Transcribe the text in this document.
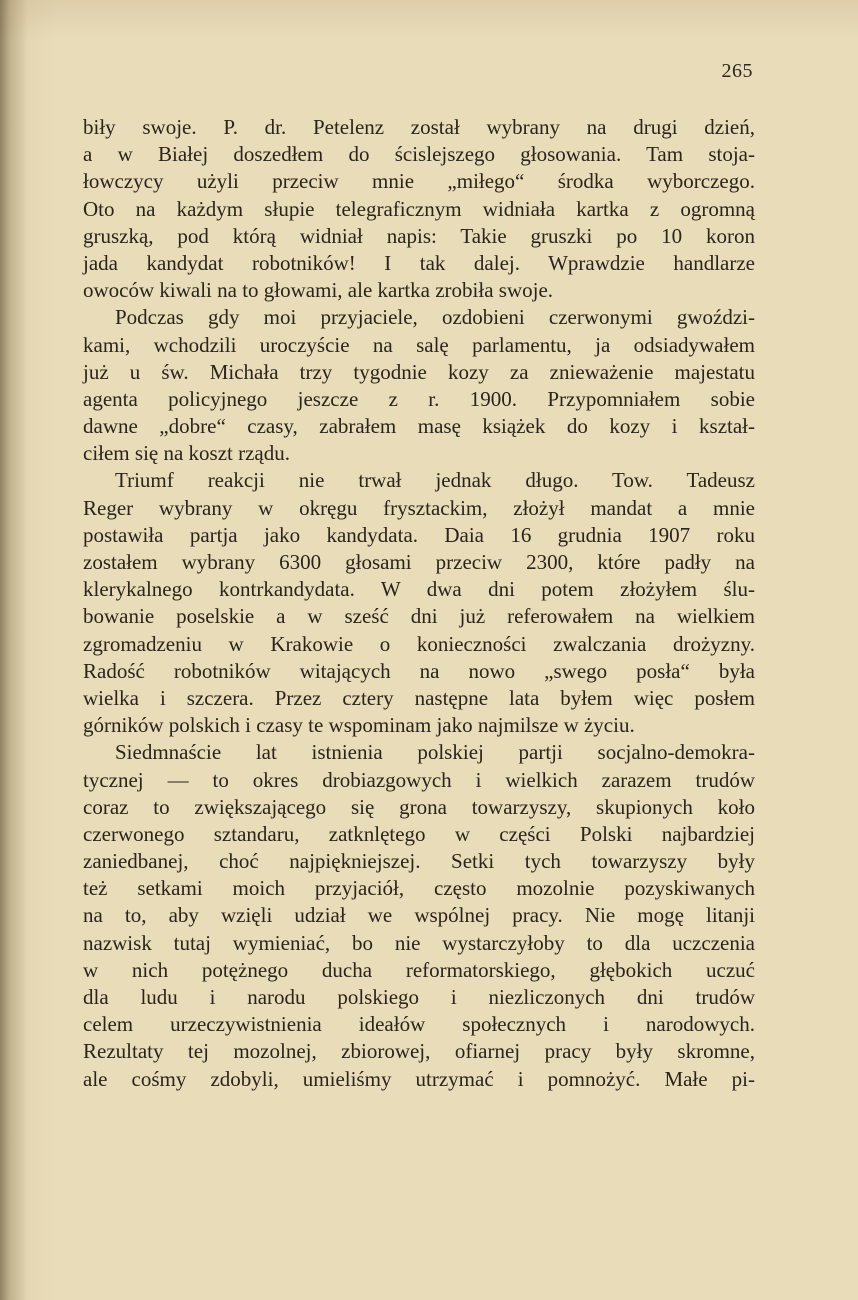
265
biły swoje. P. dr. Petelenz został wybrany na drugi dzień,
a w Białej doszedłem do ścislejszego głosowania. Tam stoja-
łowczycy użyli przeciw mnie „miłego“ środka wyborczego.
Oto na każdym słupie telegraficznym widniała kartka z ogromną
gruszką, pod którą widniał napis: Takie gruszki po 10 koron
jada kandydat robotników! I tak dalej. Wprawdzie handlarze
owoców kiwali na to głowami, ale kartka zrobiła swoje.
Podczas gdy moi przyjaciele, ozdobieni czerwonymi gwoździ-
kami, wchodzili uroczyście na salę parlamentu, ja odsiadywałem
już u św. Michała trzy tygodnie kozy za znieważenie majestatu
agenta policyjnego jeszcze z r. 1900. Przypomniałem sobie
dawne „dobre“ czasy, zabrałem masę książek do kozy i kształ-
ciłem się na koszt rządu.
Triumf reakcji nie trwał jednak długo. Tow. Tadeusz
Reger wybrany w okręgu frysztackim, złożył mandat a mnie
postawiła partja jako kandydata. Daia 16 grudnia 1907 roku
zostałem wybrany 6300 głosami przeciw 2300, które padły na
klerykalnego kontrkandydata. W dwa dni potem złożyłem ślu-
bowanie poselskie a w sześć dni już referowałem na wielkiem
zgromadzeniu w Krakowie o konieczności zwalczania drożyzny.
Radość robotników witających na nowo „swego posła“ była
wielka i szczera. Przez cztery następne lata byłem więc posłem
górników polskich i czasy te wspominam jako najmilsze w życiu.
Siedmnaście lat istnienia polskiej partji socjalno-demokra-
tycznej — to okres drobiazgowych i wielkich zarazem trudów
coraz to zwiększającego się grona towarzyszy, skupionych koło
czerwonego sztandaru, zatknlętego w części Polski najbardziej
zaniedbanej, choć najpiękniejszej. Setki tych towarzyszy były
też setkami moich przyjaciół, często mozolnie pozyskiwanych
na to, aby wzięli udział we wspólnej pracy. Nie mogę litanji
nazwisk tutaj wymieniać, bo nie wystarczyłoby to dla uczczenia
w nich potężnego ducha reformatorskiego, głębokich uczuć
dla ludu i narodu polskiego i niezliczonych dni trudów
celem urzeczywistnienia ideałów społecznych i narodowych.
Rezultaty tej mozolnej, zbiorowej, ofiarnej pracy były skromne,
ale cośmy zdobyli, umieliśmy utrzymać i pomnożyć. Małe pi-
